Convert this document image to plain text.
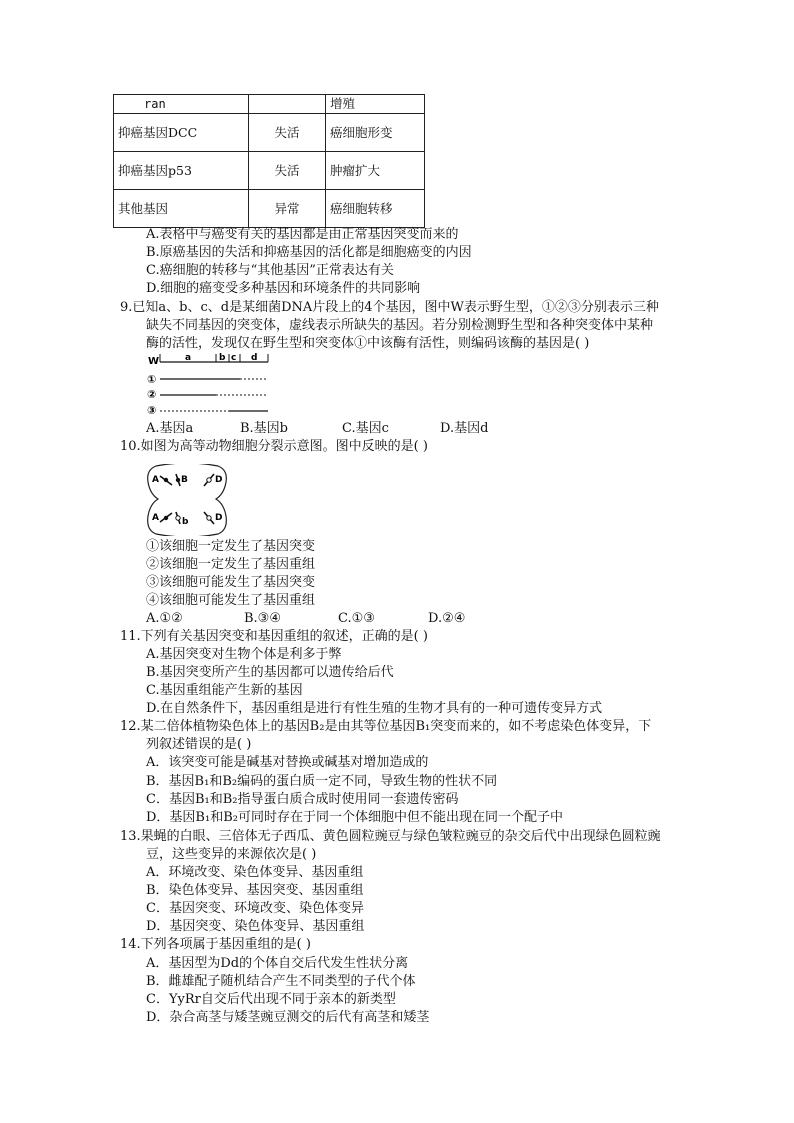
ran		增殖
抑癌基因DCC	失活	癌细胞形变
抑癌基因p53	失活	肿瘤扩大
其他基因	异常	癌细胞转移
A.表格中与癌变有关的基因都是由正常基因突变而来的
B.原癌基因的失活和抑癌基因的活化都是细胞癌变的内因
C.癌细胞的转移与“其他基因”正常表达有关
D.细胞的癌变受多种基因和环境条件的共同影响
9.已知a、b、c、d是某细菌DNA片段上的4个基因，图中W表示野生型，①②③分别表示三种
缺失不同基因的突变体，虚线表示所缺失的基因。若分别检测野生型和各种突变体中某种
酶的活性，发现仅在野生型和突变体①中该酶有活性，则编码该酶的基因是( )
W	a	b c d
①
②
③
A.基因a	B.基因b	C.基因c	D.基因d
10.如图为高等动物细胞分裂示意图。图中反映的是( )
A B	D
A	b	D
①该细胞一定发生了基因突变
②该细胞一定发生了基因重组
③该细胞可能发生了基因突变
④该细胞可能发生了基因重组
A.①②	B.③④	C.①③	D.②④
11.下列有关基因突变和基因重组的叙述，正确的是( )
A.基因突变对生物个体是利多于弊
B.基因突变所产生的基因都可以遗传给后代
C.基因重组能产生新的基因
D.在自然条件下，基因重组是进行有性生殖的生物才具有的一种可遗传变异方式
12.某二倍体植物染色体上的基因B₂是由其等位基因B₁突变而来的，如不考虑染色体变异，下
列叙述错误的是( )
A．该突变可能是碱基对替换或碱基对增加造成的
B．基因B₁和B₂编码的蛋白质一定不同，导致生物的性状不同
C．基因B₁和B₂指导蛋白质合成时使用同一套遗传密码
D．基因B₁和B₂可同时存在于同一个体细胞中但不能出现在同一个配子中
13.果蝇的白眼、三倍体无子西瓜、黄色圆粒豌豆与绿色皱粒豌豆的杂交后代中出现绿色圆粒豌
豆，这些变异的来源依次是( )
A．环境改变、染色体变异、基因重组
B．染色体变异、基因突变、基因重组
C．基因突变、环境改变、染色体变异
D．基因突变、染色体变异、基因重组
14.下列各项属于基因重组的是( )
A．基因型为Dd的个体自交后代发生性状分离
B．雌雄配子随机结合产生不同类型的子代个体
C．YyRr自交后代出现不同于亲本的新类型
D．杂合高茎与矮茎豌豆测交的后代有高茎和矮茎
